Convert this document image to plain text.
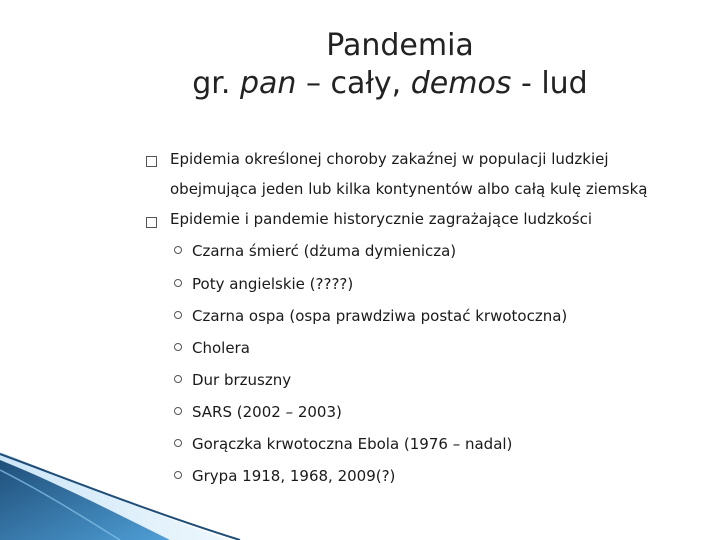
Pandemia
gr. pan – cały, demos - lud
Epidemia określonej choroby zakaźnej w populacji ludzkiej
obejmująca jeden lub kilka kontynentów albo całą kulę ziemską
Epidemie i pandemie historycznie zagrażające ludzkości
Czarna śmierć (dżuma dymienicza)
Poty angielskie (????)
Czarna ospa (ospa prawdziwa postać krwotoczna)
Cholera
Dur brzuszny
SARS (2002 – 2003)
Gorączka krwotoczna Ebola (1976 – nadal)
Grypa 1918, 1968, 2009(?)
